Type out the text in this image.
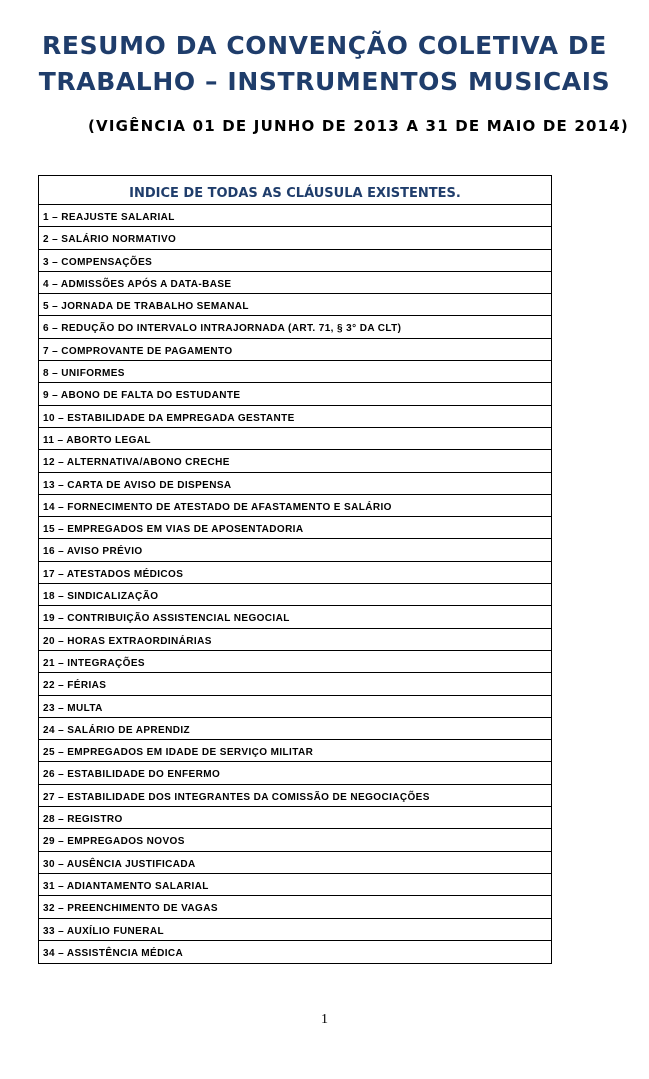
RESUMO DA CONVENÇÃO COLETIVA DE
TRABALHO – INSTRUMENTOS MUSICAIS
(VIGÊNCIA 01 DE JUNHO DE 2013 A 31 DE MAIO DE 2014)
INDICE DE TODAS AS CLÁUSULA EXISTENTES.
1 – REAJUSTE SALARIAL
2 – SALÁRIO NORMATIVO
3 – COMPENSAÇÕES
4 – ADMISSÕES APÓS A DATA-BASE
5 – JORNADA DE TRABALHO SEMANAL
6 – REDUÇÃO DO INTERVALO INTRAJORNADA (ART. 71, § 3° DA CLT)
7 – COMPROVANTE DE PAGAMENTO
8 – UNIFORMES
9 – ABONO DE FALTA DO ESTUDANTE
10 – ESTABILIDADE DA EMPREGADA GESTANTE
11 – ABORTO LEGAL
12 – ALTERNATIVA/ABONO CRECHE
13 – CARTA DE AVISO DE DISPENSA
14 – FORNECIMENTO DE ATESTADO DE AFASTAMENTO E SALÁRIO
15 – EMPREGADOS EM VIAS DE APOSENTADORIA
16 – AVISO PRÉVIO
17 – ATESTADOS MÉDICOS
18 – SINDICALIZAÇÃO
19 – CONTRIBUIÇÃO ASSISTENCIAL NEGOCIAL
20 – HORAS EXTRAORDINÁRIAS
21 – INTEGRAÇÕES
22 – FÉRIAS
23 – MULTA
24 – SALÁRIO DE APRENDIZ
25 – EMPREGADOS EM IDADE DE SERVIÇO MILITAR
26 – ESTABILIDADE DO ENFERMO
27 – ESTABILIDADE DOS INTEGRANTES DA COMISSÃO DE NEGOCIAÇÕES
28 – REGISTRO
29 – EMPREGADOS NOVOS
30 – AUSÊNCIA JUSTIFICADA
31 – ADIANTAMENTO SALARIAL
32 – PREENCHIMENTO DE VAGAS
33 – AUXÍLIO FUNERAL
34 – ASSISTÊNCIA MÉDICA
1
